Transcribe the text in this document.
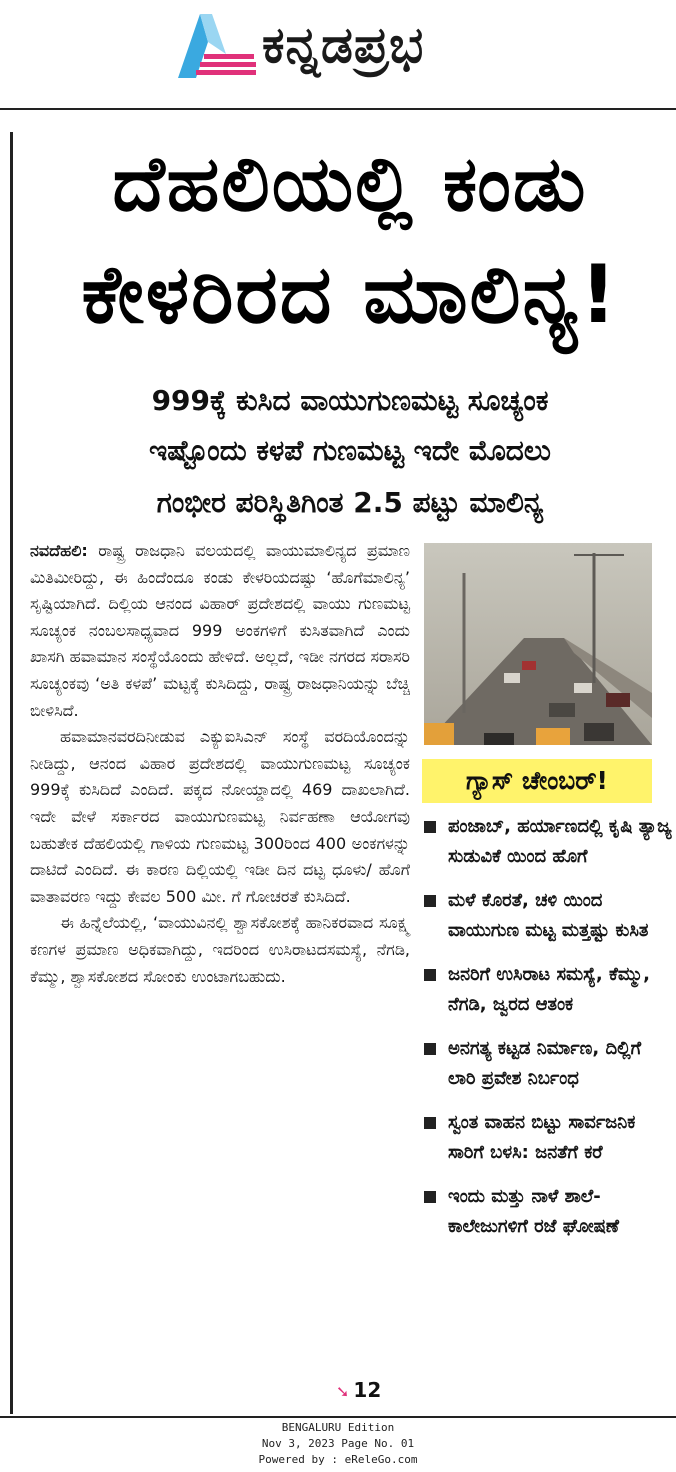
ಕನ್ನಡಪ್ರಭ
ದೆಹಲಿಯಲ್ಲಿ ಕಂಡು
ಕೇಳರಿರದ ಮಾಲಿನ್ಯ!
999ಕ್ಕೆ ಕುಸಿದ ವಾಯುಗುಣಮಟ್ಟ ಸೂಚ್ಯಂಕ
ಇಷ್ಟೊಂದು ಕಳಪೆ ಗುಣಮಟ್ಟ ಇದೇ ಮೊದಲು
ಗಂಭೀರ ಪರಿಸ್ಥಿತಿಗಿಂತ 2.5 ಪಟ್ಟು ಮಾಲಿನ್ಯ

ನವದೆಹಲಿ: ರಾಷ್ಟ್ರ ರಾಜಧಾನಿ ವಲಯದಲ್ಲಿ ವಾಯುಮಾಲಿನ್ಯದ ಪ್ರಮಾಣ ಮಿತಿಮೀರಿದ್ದು, ಈ ಹಿಂದೆಂದೂ ಕಂಡು ಕೇಳರಿಯದಷ್ಟು ‘ಹೊಗೆಮಾಲಿನ್ಯ’ ಸೃಷ್ಟಿಯಾಗಿದೆ. ದಿಲ್ಲಿಯ ಆನಂದ ವಿಹಾರ್ ಪ್ರದೇಶದಲ್ಲಿ ವಾಯು ಗುಣಮಟ್ಟ ಸೂಚ್ಯಂಕ ನಂಬಲಸಾಧ್ಯವಾದ 999 ಅಂಕಗಳಿಗೆ ಕುಸಿತವಾಗಿದೆ ಎಂದು ಖಾಸಗಿ ಹವಾಮಾನ ಸಂಸ್ಥೆಯೊಂದು ಹೇಳಿದೆ. ಅಲ್ಲದೆ, ಇಡೀ ನಗರದ ಸರಾಸರಿ ಸೂಚ್ಯಂಕವು ‘ಅತಿ ಕಳಪೆ’ ಮಟ್ಟಕ್ಕೆ ಕುಸಿದಿದ್ದು, ರಾಷ್ಟ್ರ ರಾಜಧಾನಿಯನ್ನು ಬೆಚ್ಚಿ ಬೀಳಿಸಿದೆ.

ಹವಾಮಾನವರದಿನೀಡುವ ಎಕ್ಯುಐಸಿಎನ್ ಸಂಸ್ಥೆ ವರದಿಯೊಂದನ್ನು ನೀಡಿದ್ದು, ಆನಂದ ವಿಹಾರ ಪ್ರದೇಶದಲ್ಲಿ ವಾಯುಗುಣಮಟ್ಟ ಸೂಚ್ಯಂಕ 999ಕ್ಕೆ ಕುಸಿದಿದೆ ಎಂದಿದೆ. ಪಕ್ಕದ ನೋಯ್ಡಾದಲ್ಲಿ 469 ದಾಖಲಾಗಿದೆ. ಇದೇ ವೇಳೆ ಸರ್ಕಾರದ ವಾಯುಗುಣಮಟ್ಟ ನಿರ್ವಹಣಾ ಆಯೋಗವು ಬಹುತೇಕ ದೆಹಲಿಯಲ್ಲಿ ಗಾಳಿಯ ಗುಣಮಟ್ಟ 300ರಿಂದ 400 ಅಂಕಗಳನ್ನು ದಾಟಿದೆ ಎಂದಿದೆ. ಈ ಕಾರಣ ದಿಲ್ಲಿಯಲ್ಲಿ ಇಡೀ ದಿನ ದಟ್ಟ ಧೂಳು/ ಹೊಗೆ ವಾತಾವರಣ ಇದ್ದು ಕೇವಲ 500 ಮೀ. ಗೆ ಗೋಚರತೆ ಕುಸಿದಿದೆ.

ಈ ಹಿನ್ನೆಲೆಯಲ್ಲಿ, ‘ವಾಯುವಿನಲ್ಲಿ ಶ್ವಾಸಕೋಶಕ್ಕೆ ಹಾನಿಕರವಾದ ಸೂಕ್ಷ್ಮ ಕಣಗಳ ಪ್ರಮಾಣ ಅಧಿಕವಾಗಿದ್ದು, ಇದರಿಂದ ಉಸಿರಾಟದಸಮಸ್ಯೆ, ನೆಗಡಿ, ಕೆಮ್ಮು, ಶ್ವಾಸಕೋಶದ ಸೋಂಕು ಉಂಟಾಗಬಹುದು.

➘ 12
ಗ್ಯಾಸ್ ಚೇಂಬರ್!
ಪಂಜಾಬ್, ಹರ್ಯಾಣದಲ್ಲಿ ಕೃಷಿ ತ್ಯಾಜ್ಯ ಸುಡುವಿಕೆ ಯಿಂದ ಹೊಗೆ
ಮಳೆ ಕೊರತೆ, ಚಳಿ ಯಿಂದ ವಾಯುಗುಣ ಮಟ್ಟ ಮತ್ತಷ್ಟು ಕುಸಿತ
ಜನರಿಗೆ ಉಸಿರಾಟ ಸಮಸ್ಯೆ, ಕೆಮ್ಮು, ನೆಗಡಿ, ಜ್ವರದ ಆತಂಕ
ಅನಗತ್ಯ ಕಟ್ಟಡ ನಿರ್ಮಾಣ, ದಿಲ್ಲಿಗೆ ಲಾರಿ ಪ್ರವೇಶ ನಿರ್ಬಂಧ
ಸ್ವಂತ ವಾಹನ ಬಿಟ್ಟು ಸಾರ್ವಜನಿಕ ಸಾರಿಗೆ ಬಳಸಿ: ಜನತೆಗೆ ಕರೆ
ಇಂದು ಮತ್ತು ನಾಳೆ ಶಾಲೆ-ಕಾಲೇಜುಗಳಿಗೆ ರಜೆ ಘೋಷಣೆ
BENGALURU Edition
Nov 3, 2023 Page No. 01
Powered by : eReleGo.com
